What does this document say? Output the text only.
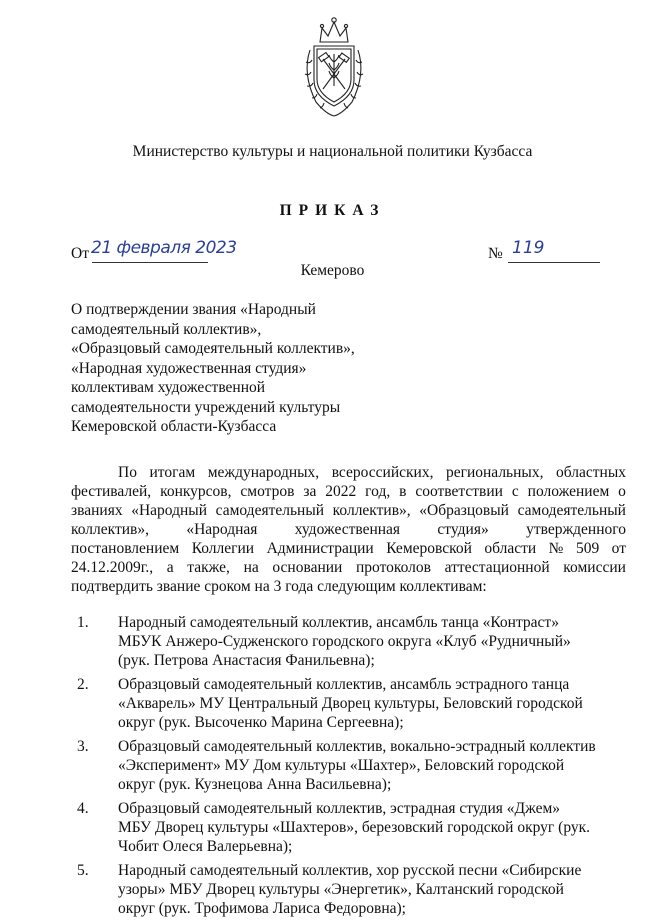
Министерство культуры и национальной политики Кузбасса
ПРИКАЗ
От 21 февраля 2023	№ 119
Кемерово
О подтверждении звания «Народный
самодеятельный коллектив»,
«Образцовый самодеятельный коллектив»,
«Народная художественная студия»
коллективам художественной
самодеятельности учреждений культуры
Кемеровской области-Кузбасса
По итогам международных, всероссийских, региональных, областных
фестивалей, конкурсов, смотров за 2022 год, в соответствии с положением о
званиях «Народный самодеятельный коллектив», «Образцовый самодеятельный
коллектив», «Народная художественная студия» утвержденного
постановлением Коллегии Администрации Кемеровской области № 509 от
24.12.2009г., а также, на основании протоколов аттестационной комиссии
подтвердить звание сроком на 3 года следующим коллективам:
1. Народный самодеятельный коллектив, ансамбль танца «Контраст»
МБУК Анжеро-Судженского городского округа «Клуб «Рудничный»
(рук. Петрова Анастасия Фанильевна);
2. Образцовый самодеятельный коллектив, ансамбль эстрадного танца
«Акварель» МУ Центральный Дворец культуры, Беловский городской
округ (рук. Высоченко Марина Сергеевна);
3. Образцовый самодеятельный коллектив, вокально-эстрадный коллектив
«Эксперимент» МУ Дом культуры «Шахтер», Беловский городской
округ (рук. Кузнецова Анна Васильевна);
4. Образцовый самодеятельный коллектив, эстрадная студия «Джем»
МБУ Дворец культуры «Шахтеров», березовский городской округ (рук.
Чобит Олеся Валерьевна);
5. Народный самодеятельный коллектив, хор русской песни «Сибирские
узоры» МБУ Дворец культуры «Энергетик», Калтанский городской
округ (рук. Трофимова Лариса Федоровна);
